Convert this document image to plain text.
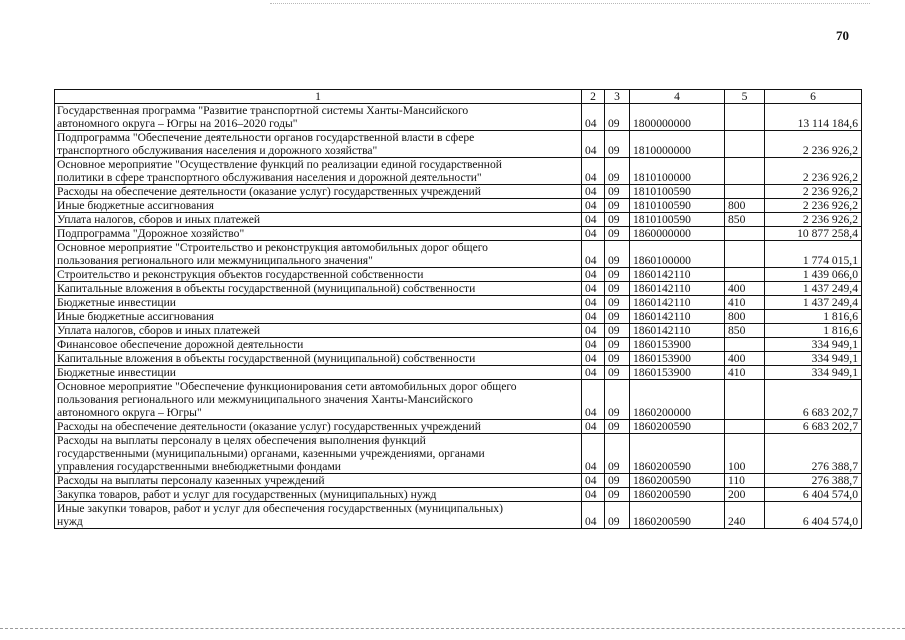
70
1	2	3	4	5	6

Государственная программа "Развитие транспортной системы Ханты-Мансийского
автономного округа – Югры на 2016–2020 годы"	04	09	1800000000		13 114 184,6

Подпрограмма "Обеспечение деятельности органов государственной власти в сфере
транспортного обслуживания населения и дорожного хозяйства"	04	09	1810000000		2 236 926,2

Основное мероприятие "Осуществление функций по реализации единой государственной
политики в сфере транспортного обслуживания населения и дорожной деятельности"	04	09	1810100000		2 236 926,2

Расходы на обеспечение деятельности (оказание услуг) государственных учреждений	04	09	1810100590		2 236 926,2

Иные бюджетные ассигнования	04	09	1810100590	800	2 236 926,2

Уплата налогов, сборов и иных платежей	04	09	1810100590	850	2 236 926,2

Подпрограмма "Дорожное хозяйство"	04	09	1860000000		10 877 258,4

Основное мероприятие "Строительство и реконструкция автомобильных дорог общего
пользования регионального или межмуниципального значения"	04	09	1860100000		1 774 015,1

Строительство и реконструкция объектов государственной собственности	04	09	1860142110		1 439 066,0

Капитальные вложения в объекты государственной (муниципальной) собственности	04	09	1860142110	400	1 437 249,4

Бюджетные инвестиции	04	09	1860142110	410	1 437 249,4

Иные бюджетные ассигнования	04	09	1860142110	800	1 816,6

Уплата налогов, сборов и иных платежей	04	09	1860142110	850	1 816,6

Финансовое обеспечение дорожной деятельности	04	09	1860153900		334 949,1

Капитальные вложения в объекты государственной (муниципальной) собственности	04	09	1860153900	400	334 949,1

Бюджетные инвестиции	04	09	1860153900	410	334 949,1

Основное мероприятие "Обеспечение функционирования сети автомобильных дорог общего
пользования регионального или межмуниципального значения Ханты-Мансийского
автономного округа – Югры"	04	09	1860200000		6 683 202,7

Расходы на обеспечение деятельности (оказание услуг) государственных учреждений	04	09	1860200590		6 683 202,7

Расходы на выплаты персоналу в целях обеспечения выполнения функций
государственными (муниципальными) органами, казенными учреждениями, органами
управления государственными внебюджетными фондами	04	09	1860200590	100	276 388,7

Расходы на выплаты персоналу казенных учреждений	04	09	1860200590	110	276 388,7

Закупка товаров, работ и услуг для государственных (муниципальных) нужд	04	09	1860200590	200	6 404 574,0

Иные закупки товаров, работ и услуг для обеспечения государственных (муниципальных)
нужд	04	09	1860200590	240	6 404 574,0
